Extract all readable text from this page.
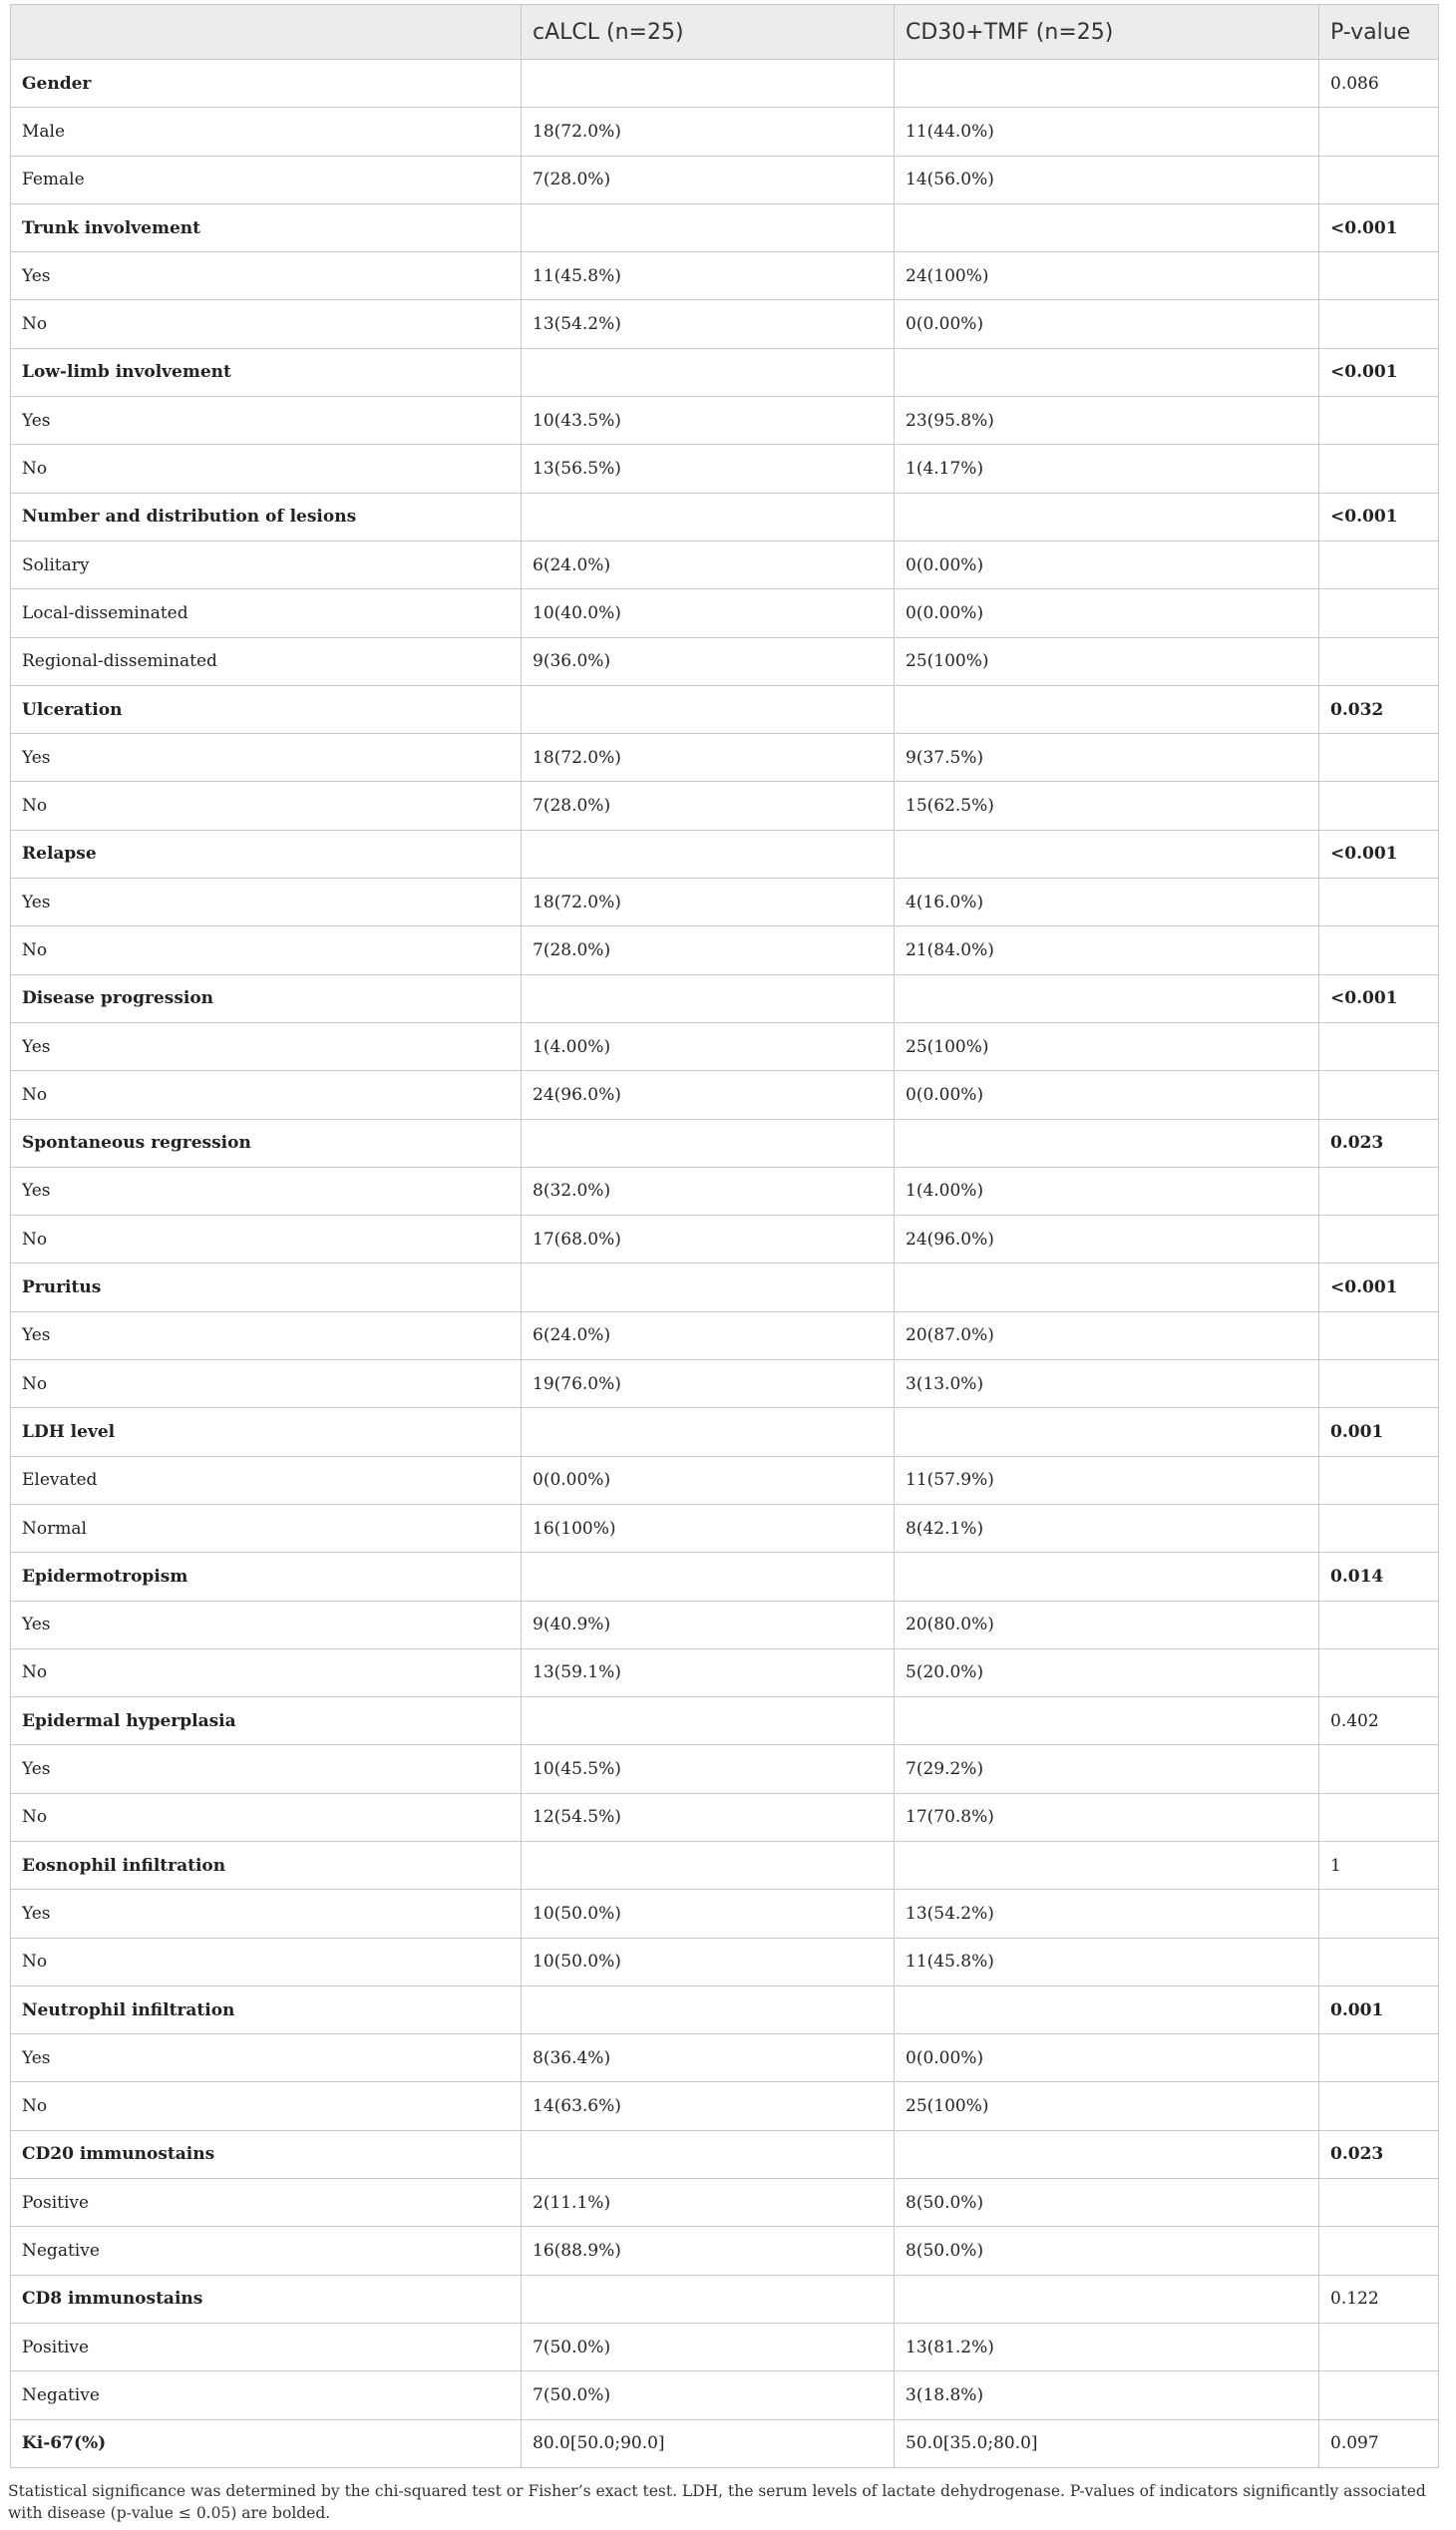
	cALCL (n=25)	CD30+TMF (n=25)	P-value
Gender			0.086
Male	18(72.0%)	11(44.0%)	
Female	7(28.0%)	14(56.0%)	
Trunk involvement			<0.001
Yes	11(45.8%)	24(100%)	
No	13(54.2%)	0(0.00%)	
Low-limb involvement			<0.001
Yes	10(43.5%)	23(95.8%)	
No	13(56.5%)	1(4.17%)	
Number and distribution of lesions			<0.001
Solitary	6(24.0%)	0(0.00%)	
Local-disseminated	10(40.0%)	0(0.00%)	
Regional-disseminated	9(36.0%)	25(100%)	
Ulceration			0.032
Yes	18(72.0%)	9(37.5%)	
No	7(28.0%)	15(62.5%)	
Relapse			<0.001
Yes	18(72.0%)	4(16.0%)	
No	7(28.0%)	21(84.0%)	
Disease progression			<0.001
Yes	1(4.00%)	25(100%)	
No	24(96.0%)	0(0.00%)	
Spontaneous regression			0.023
Yes	8(32.0%)	1(4.00%)	
No	17(68.0%)	24(96.0%)	
Pruritus			<0.001
Yes	6(24.0%)	20(87.0%)	
No	19(76.0%)	3(13.0%)	
LDH level			0.001
Elevated	0(0.00%)	11(57.9%)	
Normal	16(100%)	8(42.1%)	
Epidermotropism			0.014
Yes	9(40.9%)	20(80.0%)	
No	13(59.1%)	5(20.0%)	
Epidermal hyperplasia			0.402
Yes	10(45.5%)	7(29.2%)	
No	12(54.5%)	17(70.8%)	
Eosnophil infiltration			1
Yes	10(50.0%)	13(54.2%)	
No	10(50.0%)	11(45.8%)	
Neutrophil infiltration			0.001
Yes	8(36.4%)	0(0.00%)	
No	14(63.6%)	25(100%)	
CD20 immunostains			0.023
Positive	2(11.1%)	8(50.0%)	
Negative	16(88.9%)	8(50.0%)	
CD8 immunostains			0.122
Positive	7(50.0%)	13(81.2%)	
Negative	7(50.0%)	3(18.8%)	
Ki-67(%)	80.0[50.0;90.0]	50.0[35.0;80.0]	0.097
Statistical significance was determined by the chi-squared test or Fisher’s exact test. LDH, the serum levels of lactate dehydrogenase. P-values of indicators significantly associated with disease (p-value ≤ 0.05) are bolded.
